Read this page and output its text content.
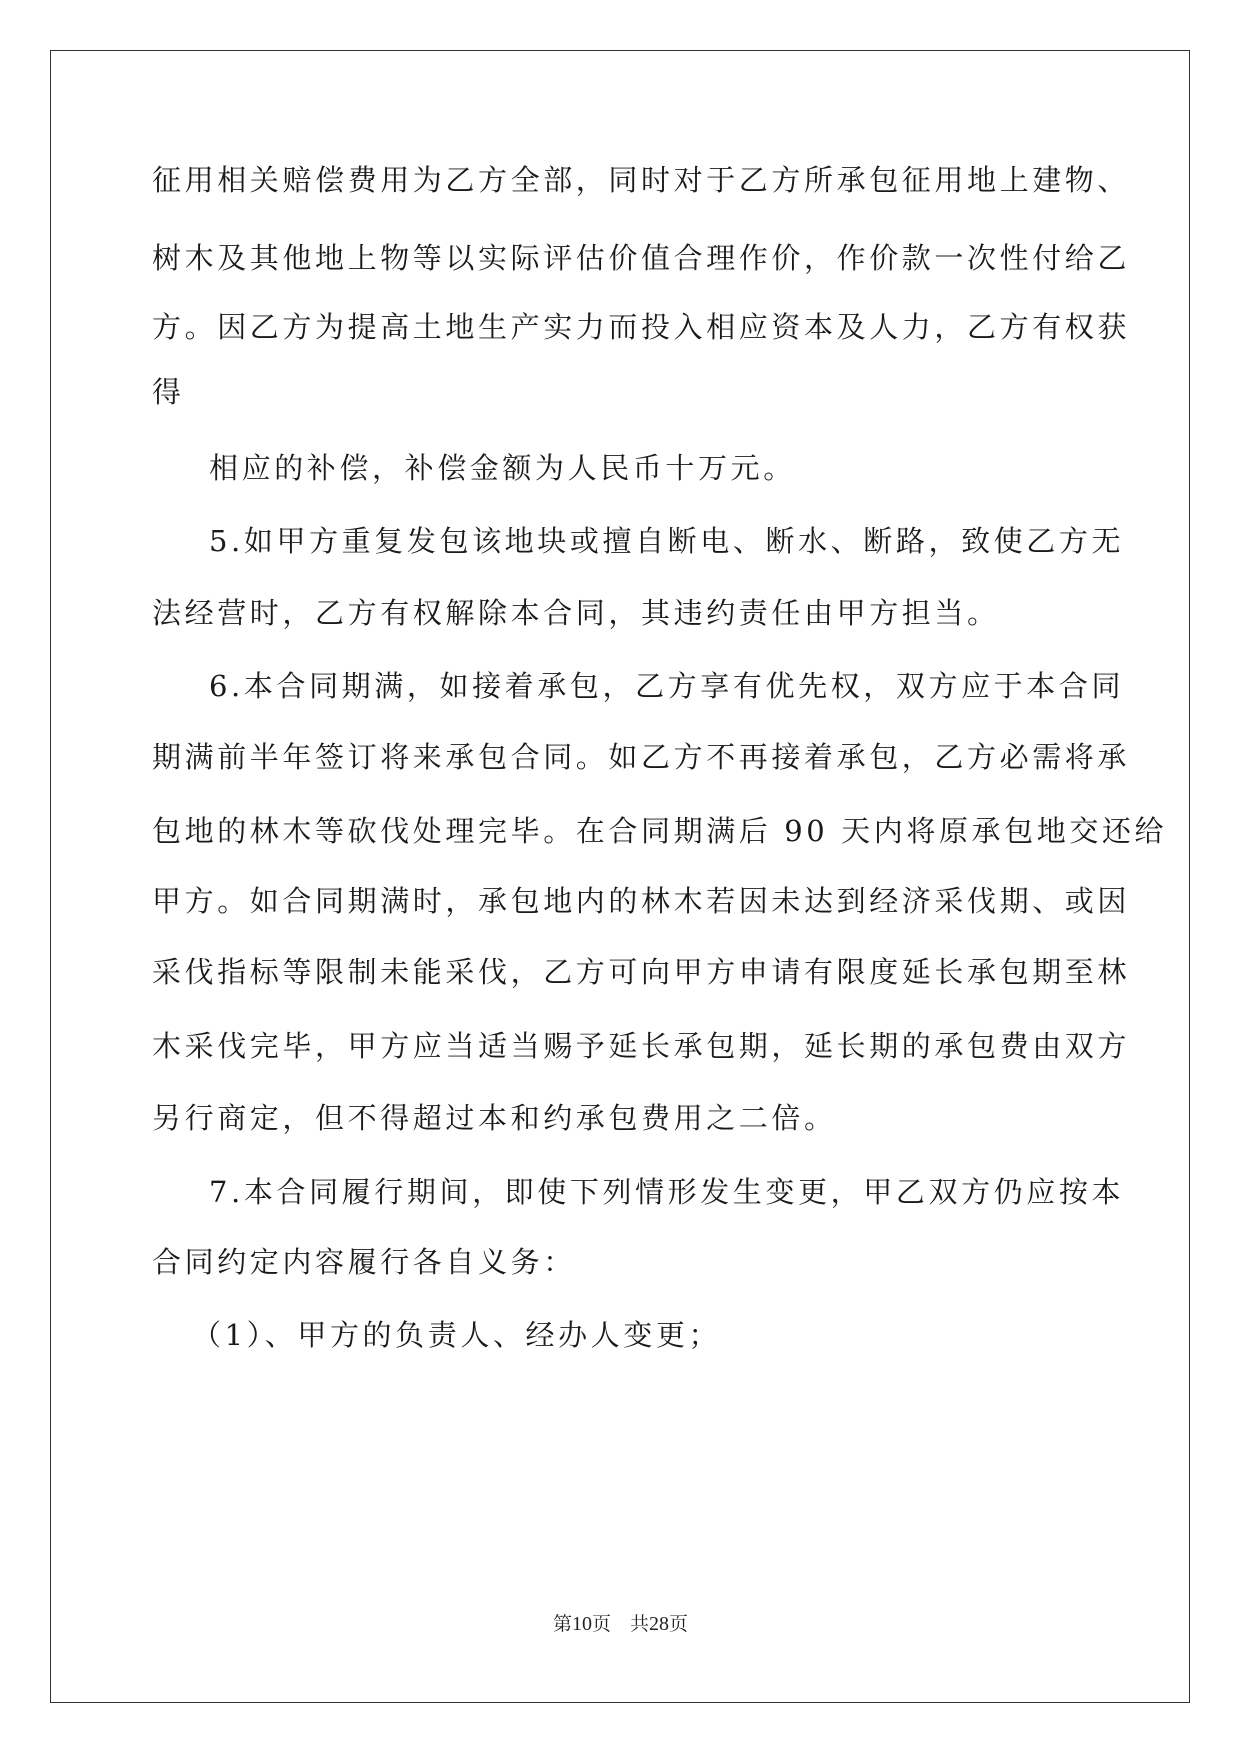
征用相关赔偿费用为乙方全部，同时对于乙方所承包征用地上建物、
树木及其他地上物等以实际评估价值合理作价，作价款一次性付给乙
方。因乙方为提高土地生产实力而投入相应资本及人力，乙方有权获
得
相应的补偿，补偿金额为人民币十万元。
5.如甲方重复发包该地块或擅自断电、断水、断路，致使乙方无
法经营时，乙方有权解除本合同，其违约责任由甲方担当。
6.本合同期满，如接着承包，乙方享有优先权，双方应于本合同
期满前半年签订将来承包合同。如乙方不再接着承包，乙方必需将承
包地的林木等砍伐处理完毕。在合同期满后 90 天内将原承包地交还给
甲方。如合同期满时，承包地内的林木若因未达到经济采伐期、或因
采伐指标等限制未能采伐，乙方可向甲方申请有限度延长承包期至林
木采伐完毕，甲方应当适当赐予延长承包期，延长期的承包费由双方
另行商定，但不得超过本和约承包费用之二倍。
7.本合同履行期间，即使下列情形发生变更，甲乙双方仍应按本
合同约定内容履行各自义务：
（1）、甲方的负责人、经办人变更；
第10页　共28页
